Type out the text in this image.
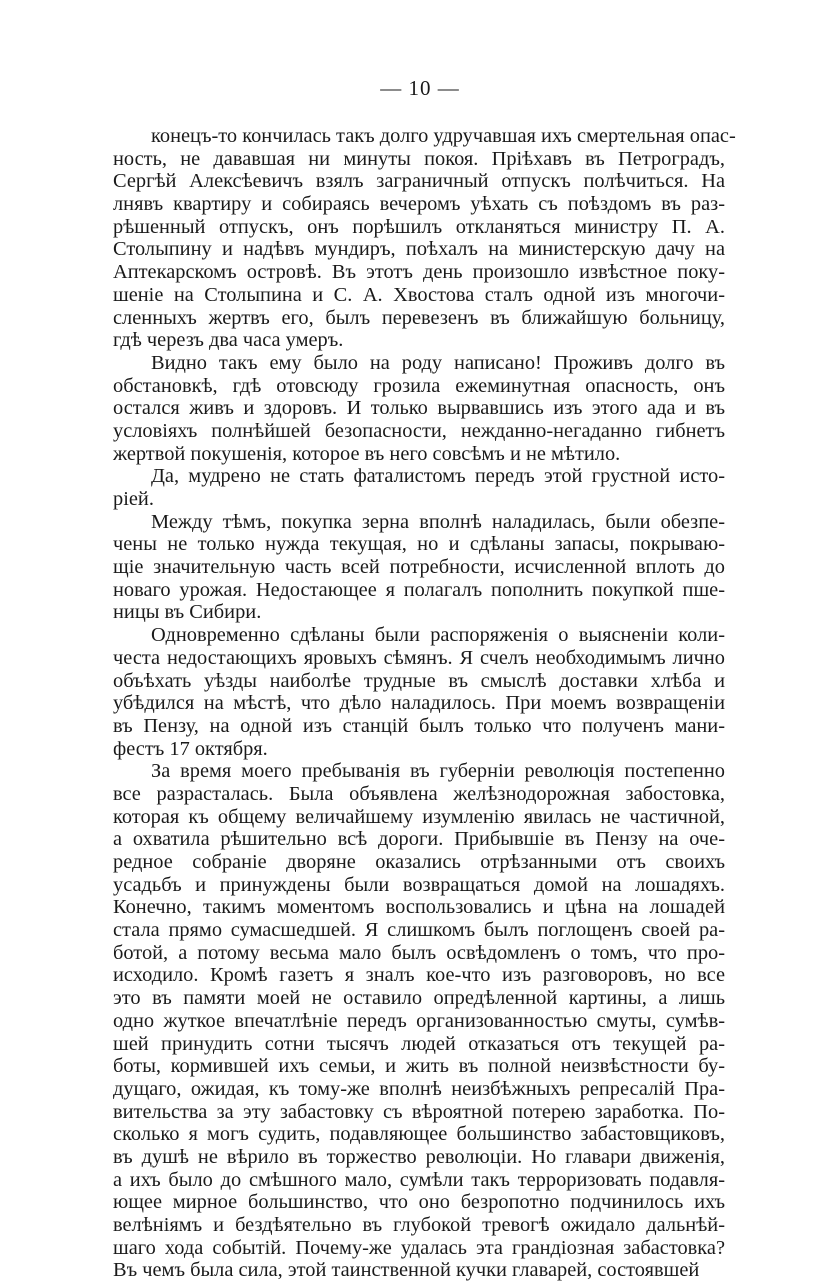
— 10 —
конецъ-то кончилась такъ долго удручавшая ихъ смертельная опас-
ность, не дававшая ни минуты покоя. Пріѣхавъ въ Петроградъ,
Сергѣй Алексѣевичъ взялъ заграничный отпускъ полѣчиться. На
лнявъ квартиру и собираясь вечеромъ уѣхать съ поѣздомъ въ раз-
рѣшенный отпускъ, онъ порѣшилъ откланяться министру П. А.
Столыпину и надѣвъ мундиръ, поѣхалъ на министерскую дачу на
Аптекарскомъ островѣ. Въ этотъ день произошло извѣстное поку-
шеніе на Столыпина и С. А. Хвостова сталъ одной изъ многочи-
сленныхъ жертвъ его, былъ перевезенъ въ ближайшую больницу,
гдѣ черезъ два часа умеръ.
Видно такъ ему было на роду написано! Проживъ долго въ
обстановкѣ, гдѣ отовсюду грозила ежеминутная опасность, онъ
остался живъ и здоровъ. И только вырвавшись изъ этого ада и въ
условіяхъ полнѣйшей безопасности, нежданно-негаданно гибнетъ
жертвой покушенія, которое въ него совсѣмъ и не мѣтило.
Да, мудрено не стать фаталистомъ передъ этой грустной исто-
ріей.
Между тѣмъ, покупка зерна вполнѣ наладилась, были обезпе-
чены не только нужда текущая, но и сдѣланы запасы, покрываю-
щіе значительную часть всей потребности, исчисленной вплоть до
новаго урожая. Недостающее я полагалъ пополнить покупкой пше-
ницы въ Сибири.
Одновременно сдѣланы были распоряженія о выясненіи коли-
честа недостающихъ яровыхъ сѣмянъ. Я счелъ необходимымъ лично
объѣхать уѣзды наиболѣе трудные въ смыслѣ доставки хлѣба и
убѣдился на мѣстѣ, что дѣло наладилось. При моемъ возвращеніи
въ Пензу, на одной изъ станцій былъ только что полученъ мани-
фестъ 17 октября.
За время моего пребыванія въ губерніи революція постепенно
все разрасталась. Была объявлена желѣзнодорожная забостовка,
которая къ общему величайшему изумленію явилась не частичной,
а охватила рѣшительно всѣ дороги. Прибывшіе въ Пензу на оче-
редное собраніе дворяне оказались отрѣзанными отъ своихъ
усадьбъ и принуждены были возвращаться домой на лошадяхъ.
Конечно, такимъ моментомъ воспользовались и цѣна на лошадей
стала прямо сумасшедшей. Я слишкомъ былъ поглощенъ своей ра-
ботой, а потому весьма мало былъ освѣдомленъ о томъ, что про-
исходило. Кромѣ газетъ я зналъ кое-что изъ разговоровъ, но все
это въ памяти моей не оставило опредѣленной картины, а лишь
одно жуткое впечатлѣніе передъ организованностью смуты, сумѣв-
шей принудить сотни тысячъ людей отказаться отъ текущей ра-
боты, кормившей ихъ семьи, и жить въ полной неизвѣстности бу-
дущаго, ожидая, къ тому-же вполнѣ неизбѣжныхъ репресалій Пра-
вительства за эту забастовку съ вѣроятной потерею заработка. По-
сколько я могъ судить, подавляющее большинство забастовщиковъ,
въ душѣ не вѣрило въ торжество революціи. Но главари движенія,
а ихъ было до смѣшного мало, сумѣли такъ терроризовать подавля-
ющее мирное большинство, что оно безропотно подчинилось ихъ
велѣніямъ и бездѣятельно въ глубокой тревогѣ ожидало дальнѣй-
шаго хода событій. Почему-же удалась эта грандіозная забастовка?
Въ чемъ была сила, этой таинственной кучки главарей, состоявшей
